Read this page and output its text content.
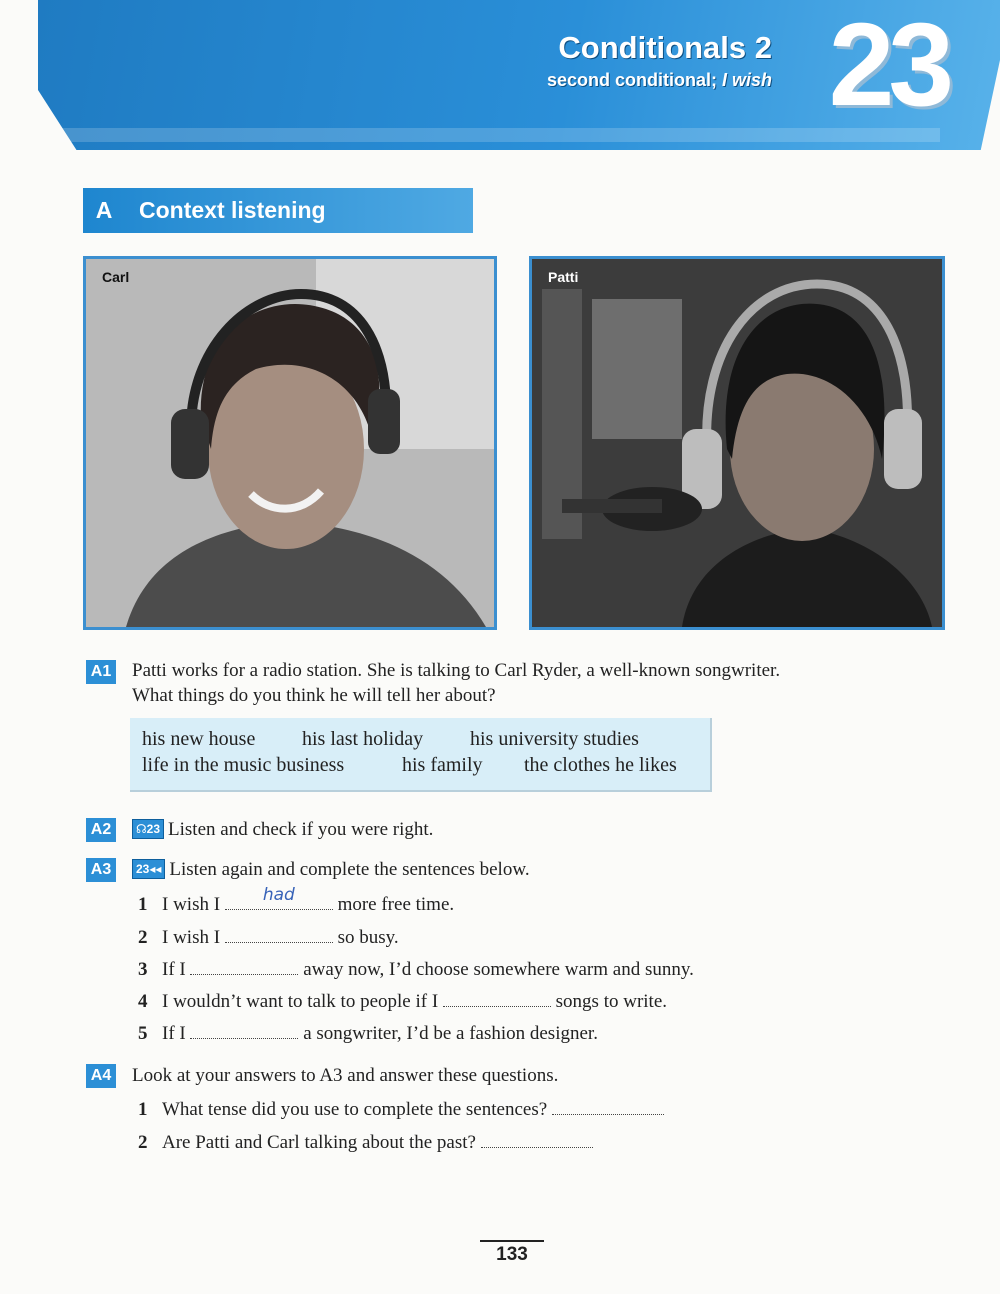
Conditionals 2
second conditional; I wish 23
A	Context listening
Carl	Patti
A1 Patti works for a radio station. She is talking to Carl Ryder, a well-known songwriter.
What things do you think he will tell her about?
his new house	his last holiday	his university studies
life in the music business	his family	the clothes he likes
A2	☊23 Listen and check if you were right.
A3	23◂◂ Listen again and complete the sentences below.
1 I wish I	had more free time.
2 I wish I	so busy.
3 If I	away now, I’d choose somewhere warm and sunny.
4 I wouldn’t want to talk to people if I	songs to write.
5 If I	a songwriter, I’d be a fashion designer.
A4 Look at your answers to A3 and answer these questions.
1 What tense did you use to complete the sentences?
2 Are Patti and Carl talking about the past?
133
